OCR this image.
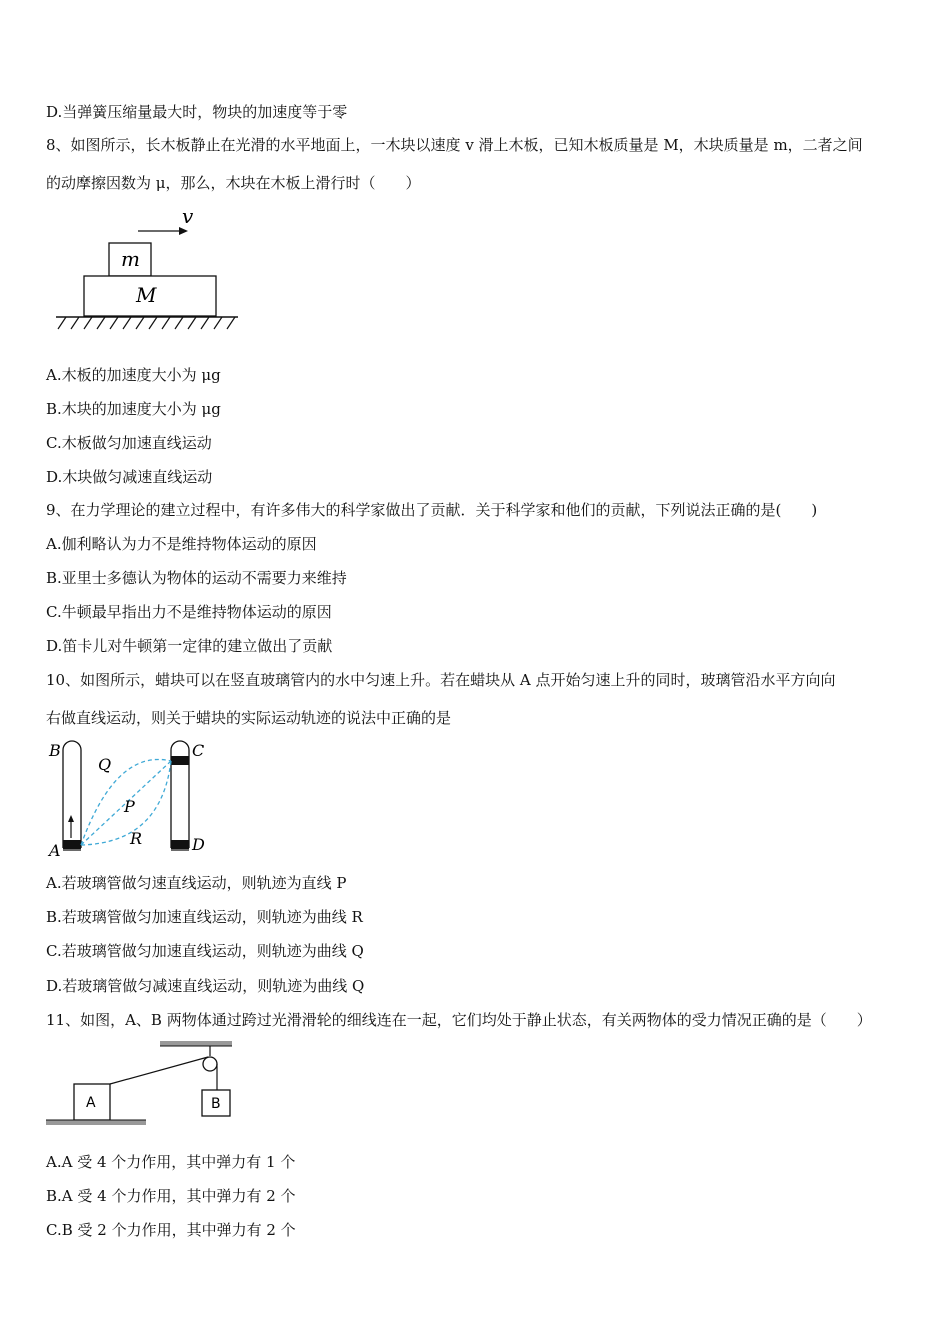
D.当弹簧压缩量最大时，物块的加速度等于零
8、如图所示，长木板静止在光滑的水平地面上，一木块以速度 v 滑上木板，已知木板质量是 M，木块质量是 m，二者之间
的动摩擦因数为 μ，那么，木块在木板上滑行时（　　）
v
m
M
A.木板的加速度大小为 μg
B.木块的加速度大小为 μg
C.木板做匀加速直线运动
D.木块做匀减速直线运动
9、在力学理论的建立过程中，有许多伟大的科学家做出了贡献．关于科学家和他们的贡献，下列说法正确的是(　　)
A.伽利略认为力不是维持物体运动的原因
B.亚里士多德认为物体的运动不需要力来维持
C.牛顿最早指出力不是维持物体运动的原因
D.笛卡儿对牛顿第一定律的建立做出了贡献
10、如图所示，蜡块可以在竖直玻璃管内的水中匀速上升。若在蜡块从 A 点开始匀速上升的同时，玻璃管沿水平方向向
右做直线运动，则关于蜡块的实际运动轨迹的说法中正确的是
B
Q
C
P
R
A	D
A.若玻璃管做匀速直线运动，则轨迹为直线 P
B.若玻璃管做匀加速直线运动，则轨迹为曲线 R
C.若玻璃管做匀加速直线运动，则轨迹为曲线 Q
D.若玻璃管做匀减速直线运动，则轨迹为曲线 Q
11、如图，A、B 两物体通过跨过光滑滑轮的细线连在一起，它们均处于静止状态，有关两物体的受力情况正确的是（　　）
A	B
A.A 受 4 个力作用，其中弹力有 1 个
B.A 受 4 个力作用，其中弹力有 2 个
C.B 受 2 个力作用，其中弹力有 2 个
